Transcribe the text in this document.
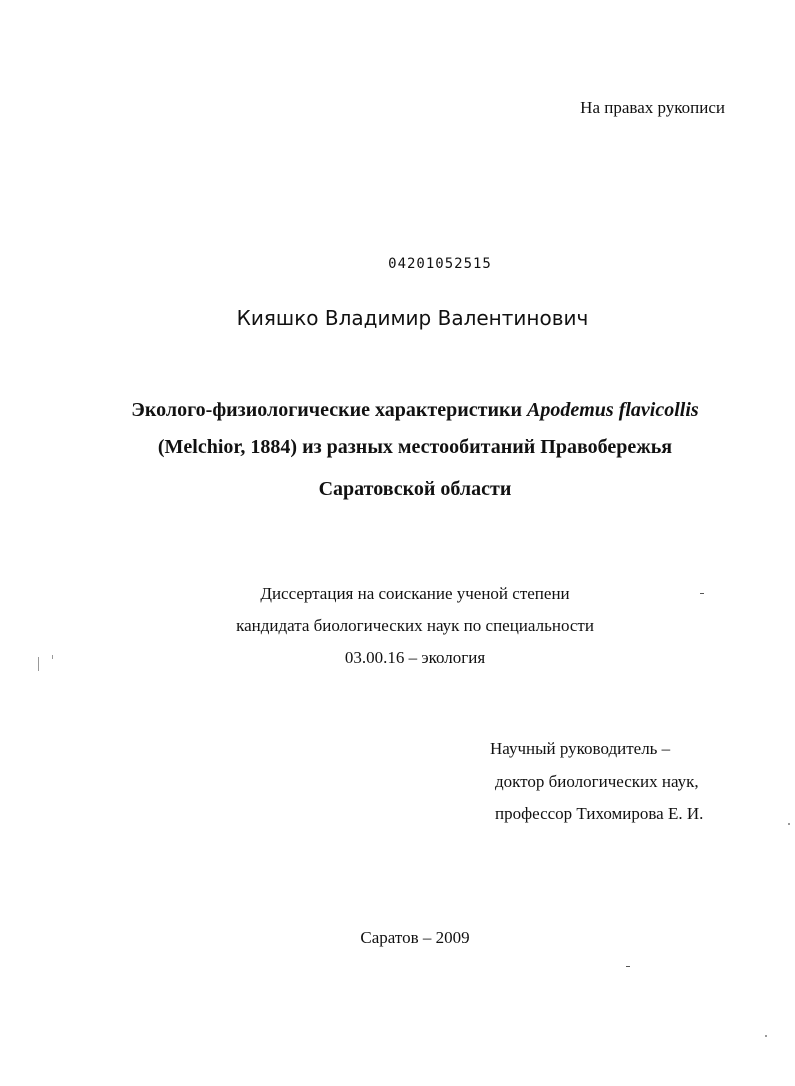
На правах рукописи
04201052515
Кияшко Владимир Валентинович
Эколого-физиологические характеристики Apodemus flavicollis
(Melchior, 1884) из разных местообитаний Правобережья
Саратовской области
Диссертация на соискание ученой степени
кандидата биологических наук по специальности
03.00.16 – экология
Научный руководитель –
доктор биологических наук,
профессор Тихомирова Е. И.
Саратов – 2009
